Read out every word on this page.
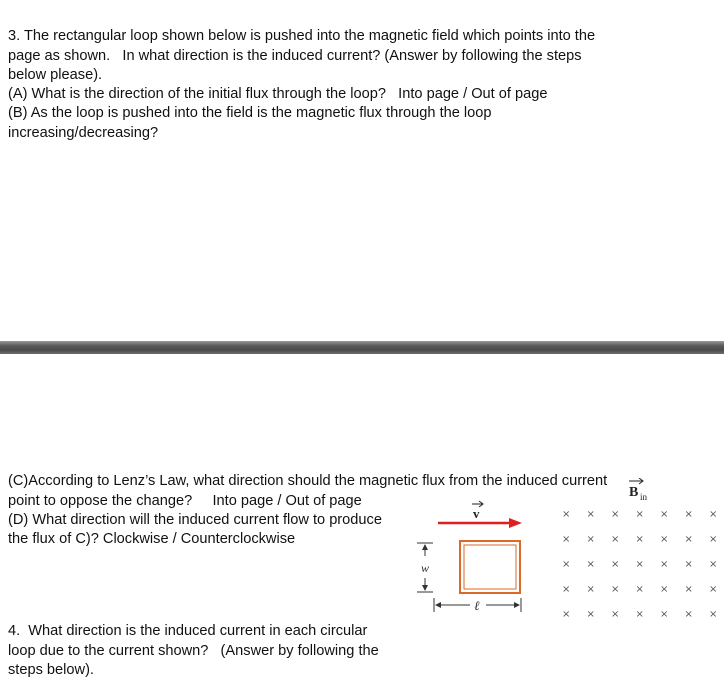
3. The rectangular loop shown below is pushed into the magnetic field which points into the
page as shown.   In what direction is the induced current? (Answer by following the steps
below please).
(A) What is the direction of the initial flux through the loop?   Into page / Out of page
(B) As the loop is pushed into the field is the magnetic flux through the loop
increasing/decreasing?

(C)According to Lenz’s Law, what direction should the magnetic flux from the induced current
point to oppose the change?     Into page / Out of page
(D) What direction will the induced current flow to produce
the flux of C)? Clockwise / Counterclockwise

4.  What direction is the induced current in each circular
loop due to the current shown?   (Answer by following the
steps below).

B in
× × × × × × ×
× × × × × × ×
× × × × × × ×
× × × × × × ×
× × × × × × ×
v
w
ℓ
